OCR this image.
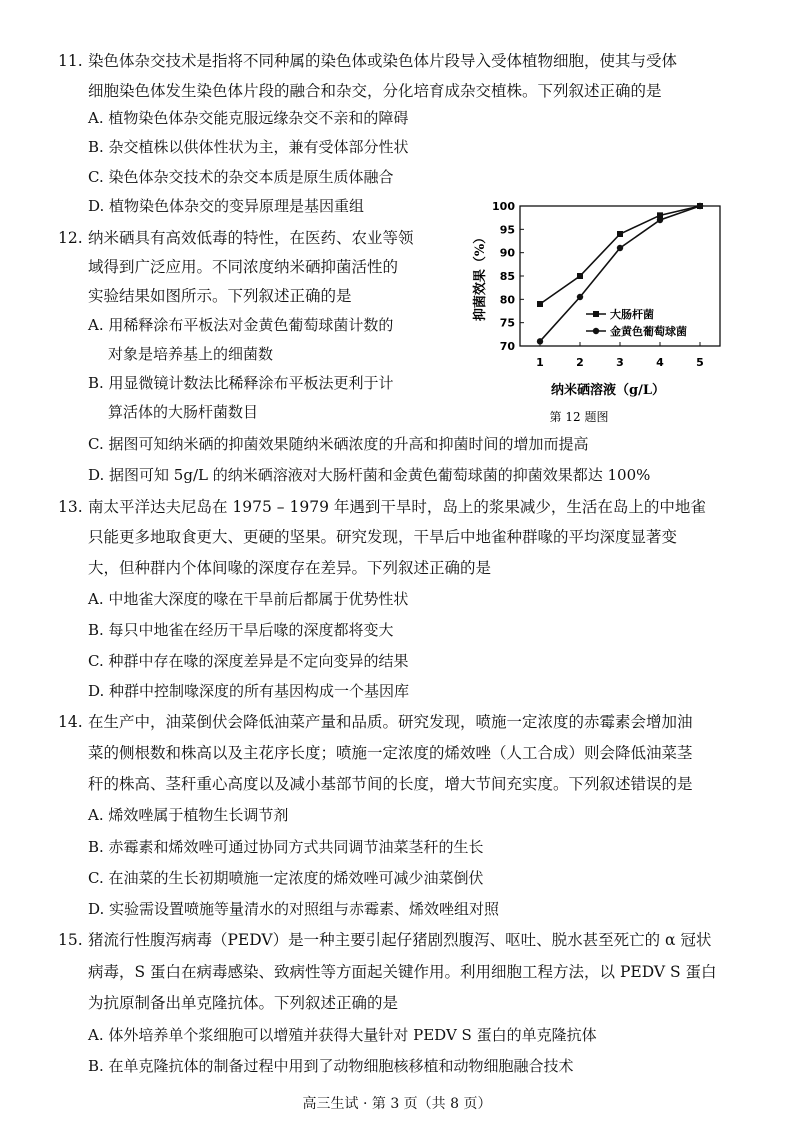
11. 染色体杂交技术是指将不同种属的染色体或染色体片段导入受体植物细胞，使其与受体
细胞染色体发生染色体片段的融合和杂交，分化培育成杂交植株。下列叙述正确的是
A. 植物染色体杂交能克服远缘杂交不亲和的障碍
B. 杂交植株以供体性状为主，兼有受体部分性状
C. 染色体杂交技术的杂交本质是原生质体融合
D. 植物染色体杂交的变异原理是基因重组
12. 纳米硒具有高效低毒的特性，在医药、农业等领
域得到广泛应用。不同浓度纳米硒抑菌活性的
实验结果如图所示。下列叙述正确的是
A. 用稀释涂布平板法对金黄色葡萄球菌计数的
对象是培养基上的细菌数
B. 用显微镜计数法比稀释涂布平板法更利于计
算活体的大肠杆菌数目
C. 据图可知纳米硒的抑菌效果随纳米硒浓度的升高和抑菌时间的增加而提高
D. 据图可知 5g/L 的纳米硒溶液对大肠杆菌和金黄色葡萄球菌的抑菌效果都达 100%
70
75
80
85
90
95
100
1	2	3	4	5
大肠杆菌
金黄色葡萄球菌
抑菌效果（%）
纳米硒溶液（g/L）
第 12 题图
13. 南太平洋达夫尼岛在 1975 – 1979 年遇到干旱时，岛上的浆果减少，生活在岛上的中地雀
只能更多地取食更大、更硬的坚果。研究发现，干旱后中地雀种群喙的平均深度显著变
大，但种群内个体间喙的深度存在差异。下列叙述正确的是
A. 中地雀大深度的喙在干旱前后都属于优势性状
B. 每只中地雀在经历干旱后喙的深度都将变大
C. 种群中存在喙的深度差异是不定向变异的结果
D. 种群中控制喙深度的所有基因构成一个基因库
14. 在生产中，油菜倒伏会降低油菜产量和品质。研究发现，喷施一定浓度的赤霉素会增加油
菜的侧根数和株高以及主花序长度；喷施一定浓度的烯效唑（人工合成）则会降低油菜茎
秆的株高、茎秆重心高度以及减小基部节间的长度，增大节间充实度。下列叙述错误的是
A. 烯效唑属于植物生长调节剂
B. 赤霉素和烯效唑可通过协同方式共同调节油菜茎秆的生长
C. 在油菜的生长初期喷施一定浓度的烯效唑可减少油菜倒伏
D. 实验需设置喷施等量清水的对照组与赤霉素、烯效唑组对照
15. 猪流行性腹泻病毒（PEDV）是一种主要引起仔猪剧烈腹泻、呕吐、脱水甚至死亡的 α 冠状
病毒，S 蛋白在病毒感染、致病性等方面起关键作用。利用细胞工程方法，以 PEDV S 蛋白
为抗原制备出单克隆抗体。下列叙述正确的是
A. 体外培养单个浆细胞可以增殖并获得大量针对 PEDV S 蛋白的单克隆抗体
B. 在单克隆抗体的制备过程中用到了动物细胞核移植和动物细胞融合技术
高三生试 · 第 3 页（共 8 页）
